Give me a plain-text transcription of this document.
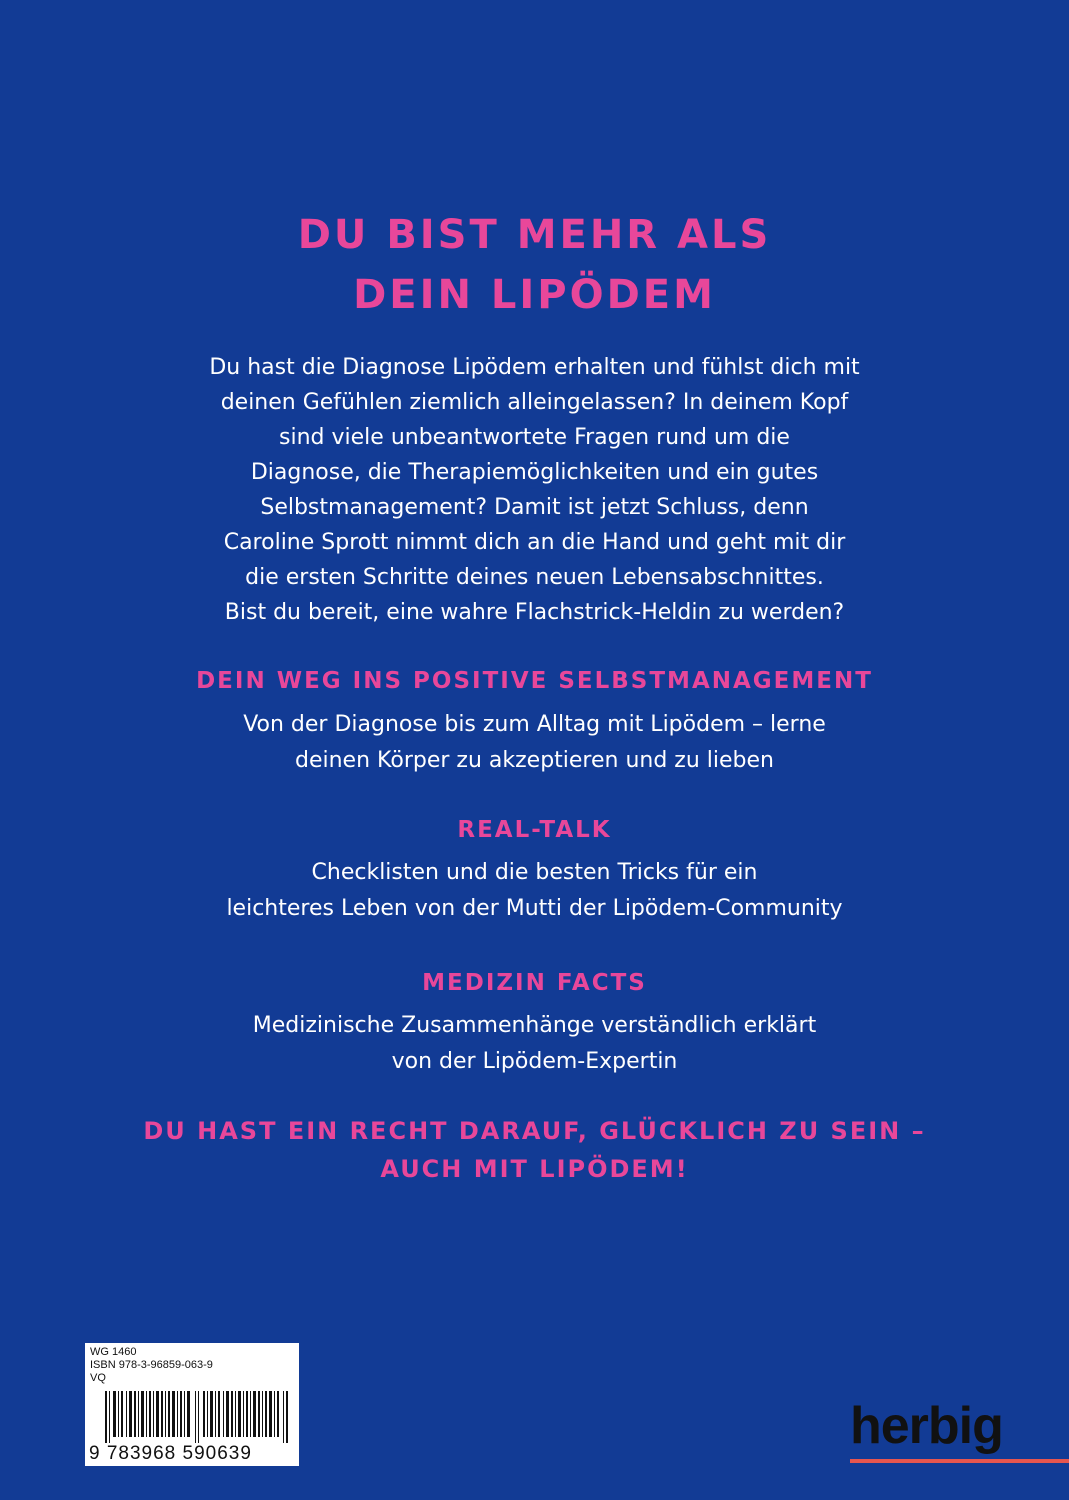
DU BIST MEHR ALS
DEIN LIPÖDEM
Du hast die Diagnose Lipödem erhalten und fühlst dich mit
deinen Gefühlen ziemlich alleingelassen? In deinem Kopf
sind viele unbeantwortete Fragen rund um die
Diagnose, die Therapiemöglichkeiten und ein gutes
Selbstmanagement? Damit ist jetzt Schluss, denn
Caroline Sprott nimmt dich an die Hand und geht mit dir
die ersten Schritte deines neuen Lebensabschnittes.
Bist du bereit, eine wahre Flachstrick-Heldin zu werden?
DEIN WEG INS POSITIVE SELBSTMANAGEMENT
Von der Diagnose bis zum Alltag mit Lipödem – lerne
deinen Körper zu akzeptieren und zu lieben
REAL-TALK
Checklisten und die besten Tricks für ein
leichteres Leben von der Mutti der Lipödem-Community
MEDIZIN FACTS
Medizinische Zusammenhänge verständlich erklärt
von der Lipödem-Expertin
DU HAST EIN RECHT DARAUF, GLÜCKLICH ZU SEIN –
AUCH MIT LIPÖDEM!
WG 1460
ISBN 978-3-96859-063-9
VQ
9 783968 590639	herbig
